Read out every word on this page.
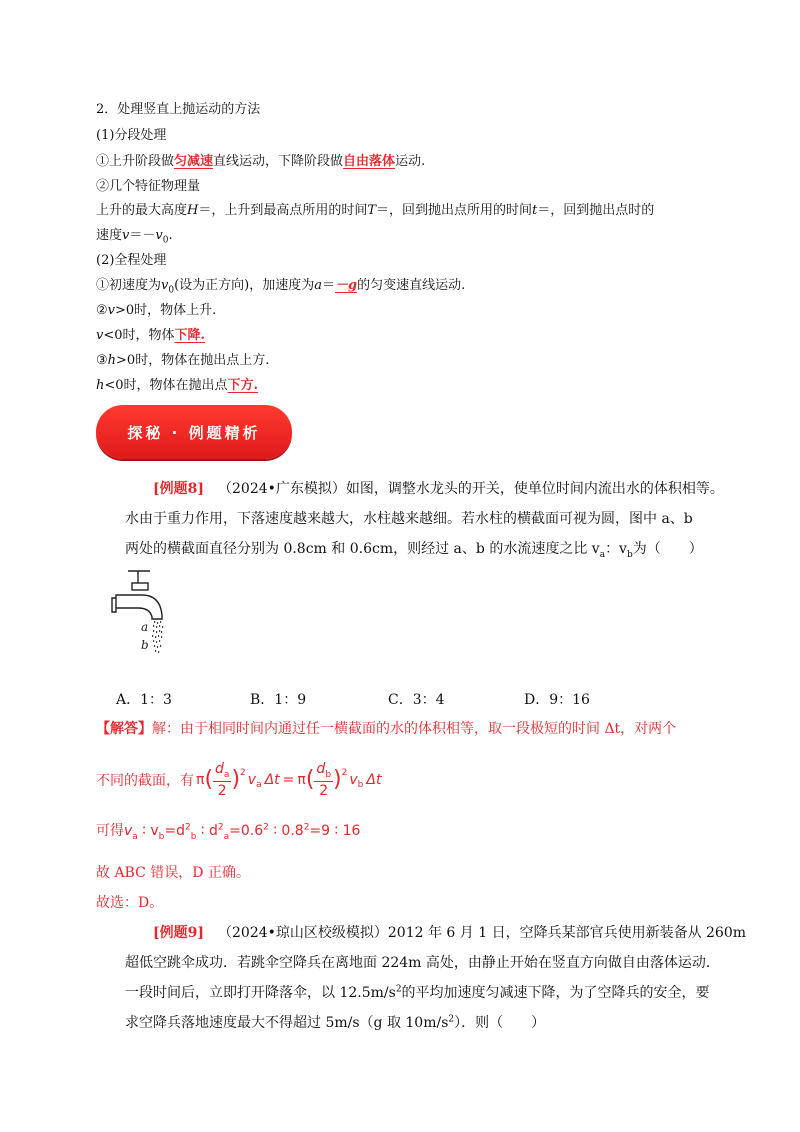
2．处理竖直上抛运动的方法
(1)分段处理
①上升阶段做匀减速直线运动，下降阶段做自由落体运动.
②几个特征物理量
上升的最大高度H＝，上升到最高点所用的时间T＝，回到抛出点所用的时间t＝，回到抛出点时的
速度$v=-v_0$.
(2)全程处理
①初速度为$v_0$(设为正方向)，加速度为a＝－g的匀变速直线运动.
②v>0时，物体上升.
v<0时，物体下降.
③h>0时，物体在抛出点上方.
h<0时，物体在抛出点下方.
探秘 · 例题精析
[例题8] （2024•广东模拟）如图，调整水龙头的开关，使单位时间内流出水的体积相等。
水由于重力作用，下落速度越来越大，水柱越来越细。若水柱的横截面可视为圆，图中 a、b
两处的横截面直径分别为 0.8cm 和 0.6cm，则经过 a、b 的水流速度之比 $v_a$：$v_b$为（　　）
a
b
A．1：3	B．1：9	C．3：4	D．9：16
【解答】解：由于相同时间内通过任一横截面的水的体积相等，取一段极短的时间 Δt，对两个
不同的截面，有 π ( $\frac{d_a}{2} )^2$ $v_a$ Δt = π ( $\frac{d_b}{2} )^2$ $v_b$ Δt
可得$v_a$ ∶ $v_b=d^2_b$ ∶ $d^2_a=0.6^2$ ∶ $0.8^2=9$ ∶ 16
故 ABC 错误，D 正确。
故选：D。
[例题9] （2024•琼山区校级模拟）2012 年 6 月 1 日，空降兵某部官兵使用新装备从 260m
超低空跳伞成功．若跳伞空降兵在离地面 224m 高处，由静止开始在竖直方向做自由落体运动．
一段时间后，立即打开降落伞，以 $12.5m/s^2$的平均加速度匀减速下降，为了空降兵的安全，要
求空降兵落地速度最大不得超过 5m/s（g 取 $10m/s^2$）．则（　　）
